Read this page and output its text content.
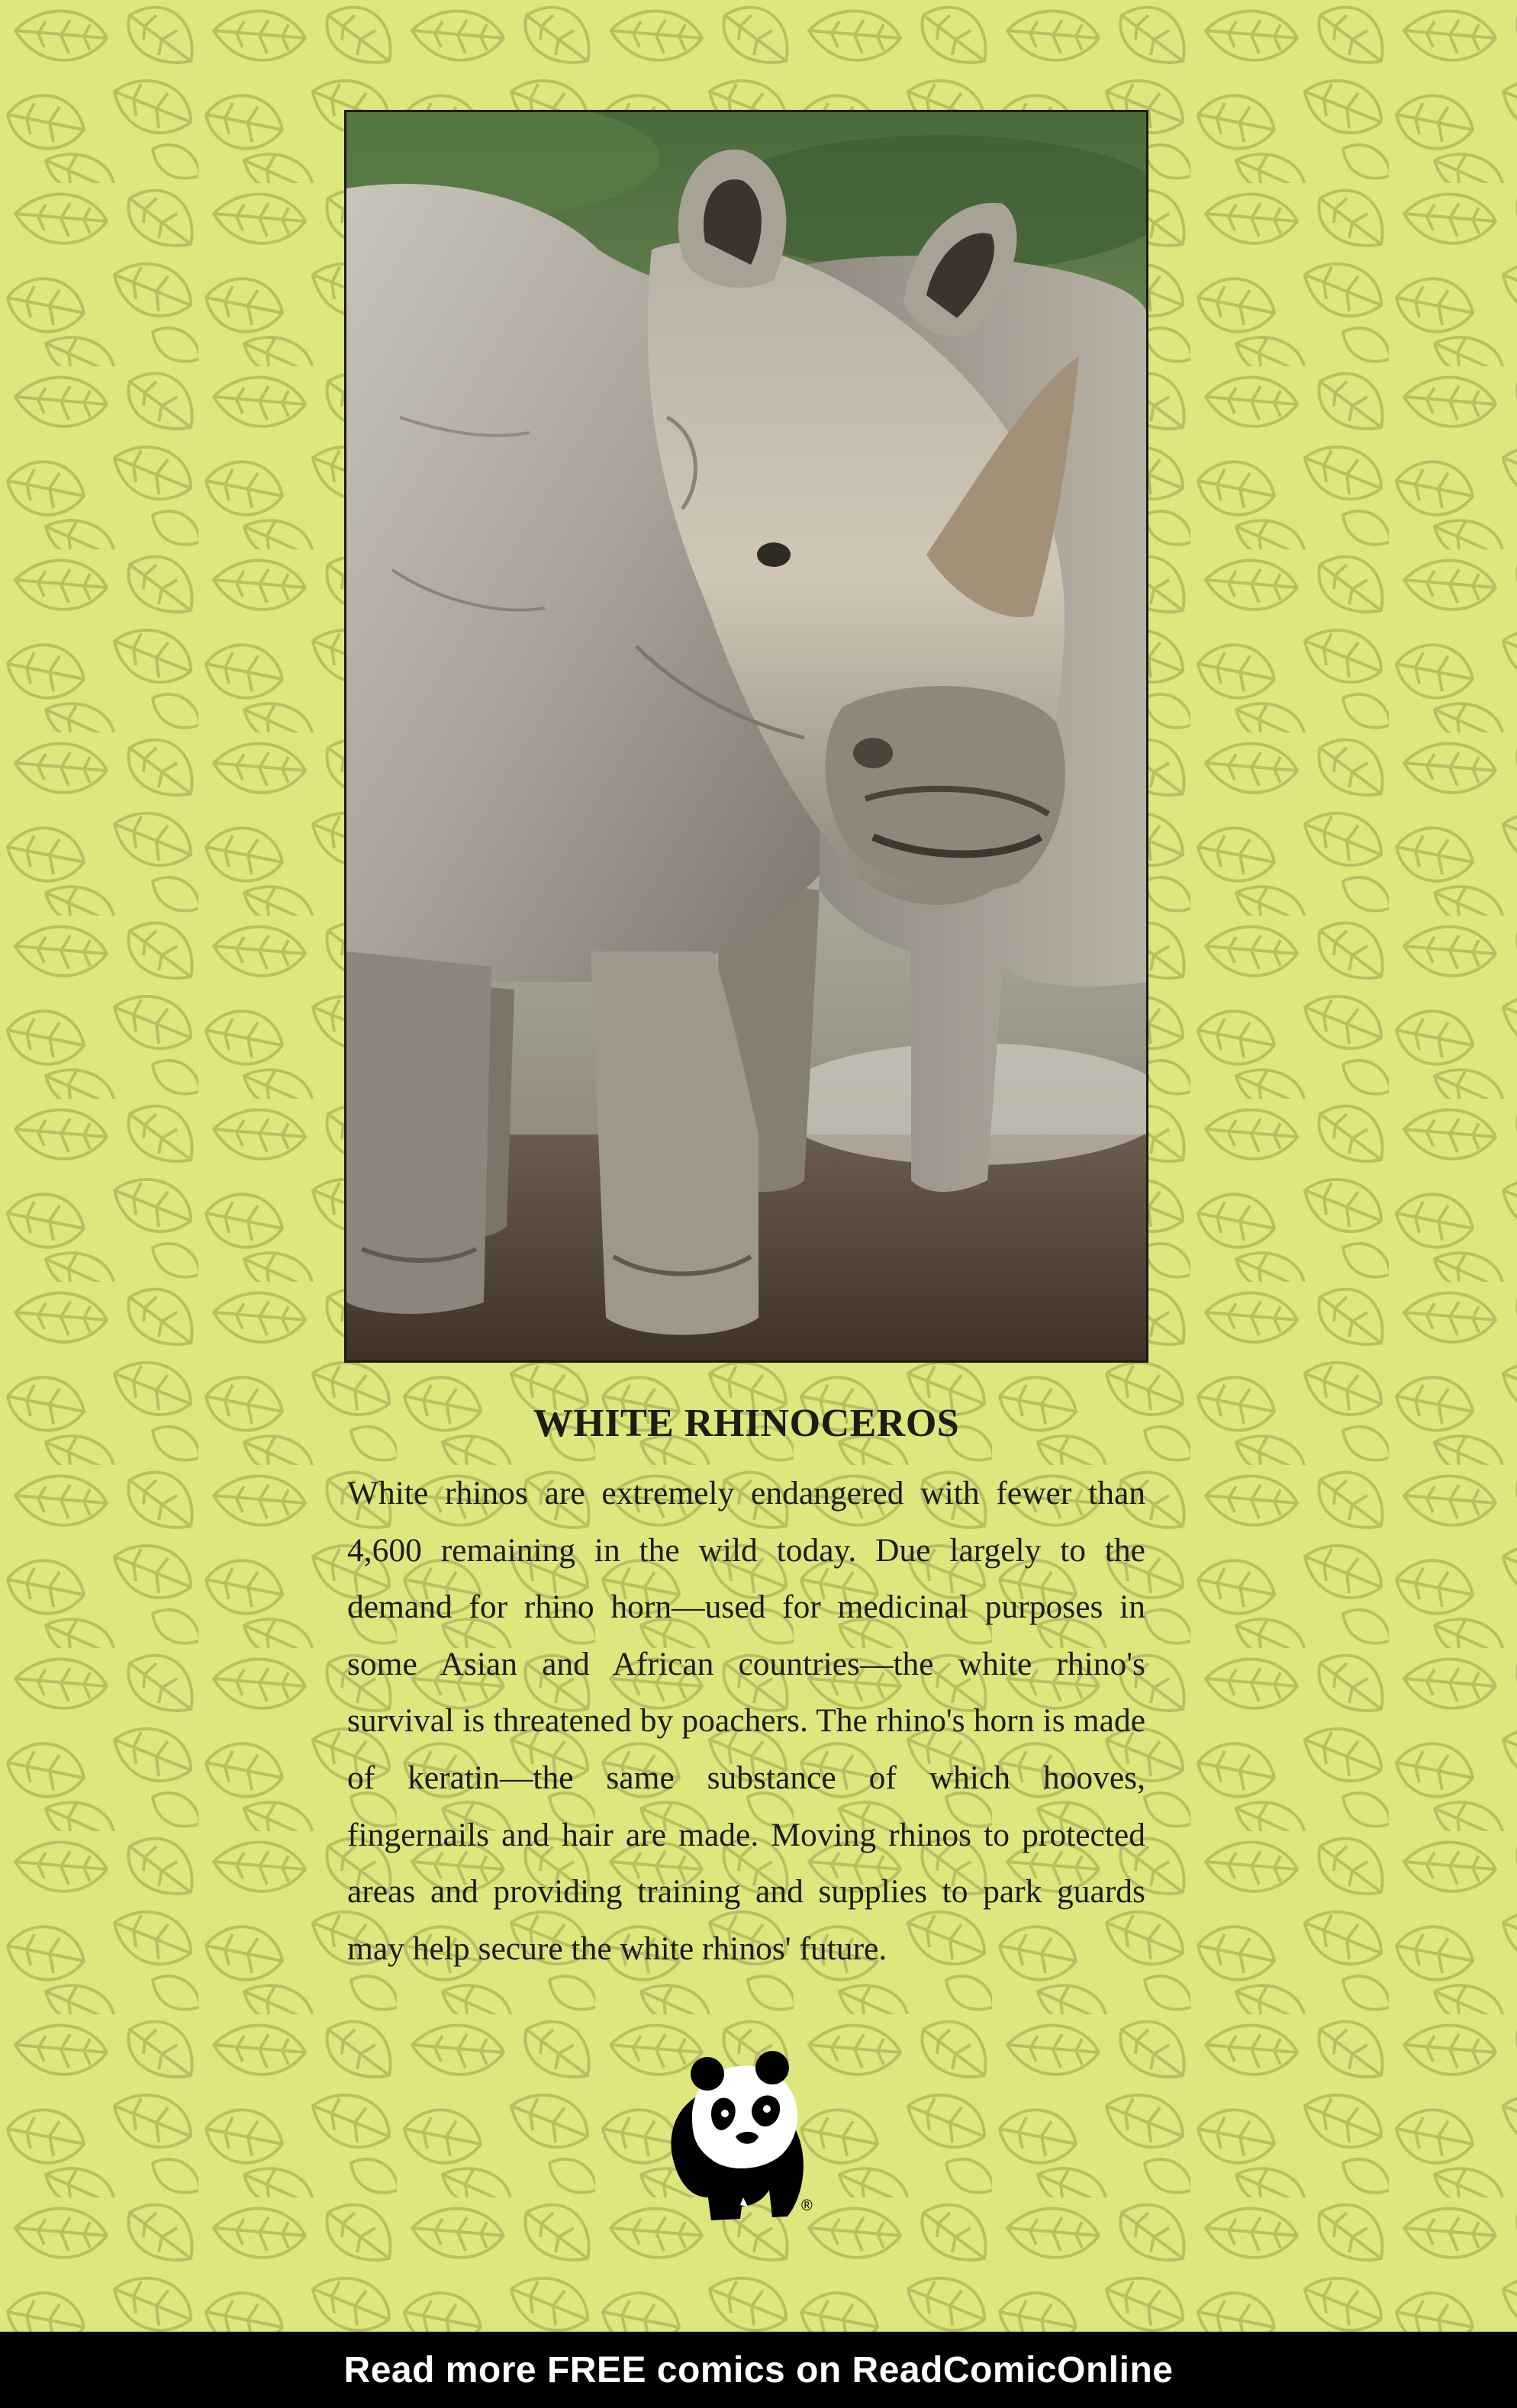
WHITE RHINOCEROS

White rhinos are extremely endangered with fewer than 4,600 remaining in the wild today. Due largely to the demand for rhino horn—used for medicinal purposes in some Asian and African countries—the white rhino's survival is threatened by poachers. The rhino's horn is made of keratin—the same substance of which hooves, fingernails and hair are made. Moving rhinos to protected areas and providing training and supplies to park guards may help secure the white rhinos' future.

®
Read more FREE comics on ReadComicOnline
